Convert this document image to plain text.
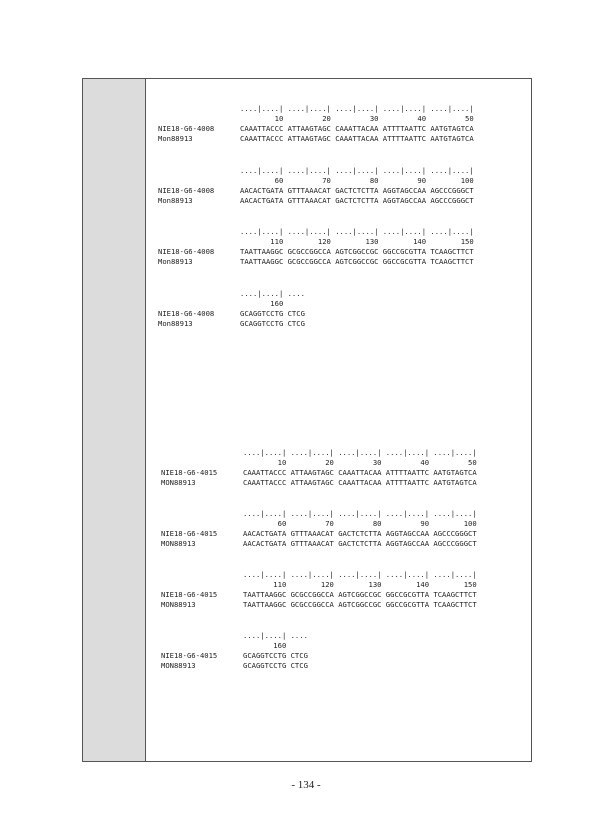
....|....| ....|....| ....|....| ....|....| ....|....|
10         20         30         40         50
NIE18-G6-4008	CAAATTACCC ATTAAGTAGC CAAATTACAA ATTTTAATTC AATGTAGTCA
Mon88913	CAAATTACCC ATTAAGTAGC CAAATTACAA ATTTTAATTC AATGTAGTCA
....|....| ....|....| ....|....| ....|....| ....|....|
60         70         80         90        100
NIE18-G6-4008	AACACTGATA GTTTAAACAT GACTCTCTTA AGGTAGCCAA AGCCCGGGCT
Mon88913	AACACTGATA GTTTAAACAT GACTCTCTTA AGGTAGCCAA AGCCCGGGCT
....|....| ....|....| ....|....| ....|....| ....|....|
110        120        130        140        150
NIE18-G6-4008	TAATTAAGGC GCGCCGGCCA AGTCGGCCGC GGCCGCGTTA TCAAGCTTCT
Mon88913	TAATTAAGGC GCGCCGGCCA AGTCGGCCGC GGCCGCGTTA TCAAGCTTCT
....|....| ....
160
NIE18-G6-4008	GCAGGTCCTG CTCG
Mon88913	GCAGGTCCTG CTCG
....|....| ....|....| ....|....| ....|....| ....|....|
10         20         30         40         50
NIE18-G6-4015	CAAATTACCC ATTAAGTAGC CAAATTACAA ATTTTAATTC AATGTAGTCA
MON88913	CAAATTACCC ATTAAGTAGC CAAATTACAA ATTTTAATTC AATGTAGTCA
....|....| ....|....| ....|....| ....|....| ....|....|
60         70         80         90        100
NIE18-G6-4015	AACACTGATA GTTTAAACAT GACTCTCTTA AGGTAGCCAA AGCCCGGGCT
MON88913	AACACTGATA GTTTAAACAT GACTCTCTTA AGGTAGCCAA AGCCCGGGCT
....|....| ....|....| ....|....| ....|....| ....|....|
110        120        130        140        150
NIE18-G6-4015	TAATTAAGGC GCGCCGGCCA AGTCGGCCGC GGCCGCGTTA TCAAGCTTCT
MON88913	TAATTAAGGC GCGCCGGCCA AGTCGGCCGC GGCCGCGTTA TCAAGCTTCT
....|....| ....
160
NIE18-G6-4015	GCAGGTCCTG CTCG
MON88913	GCAGGTCCTG CTCG
- 134 -
